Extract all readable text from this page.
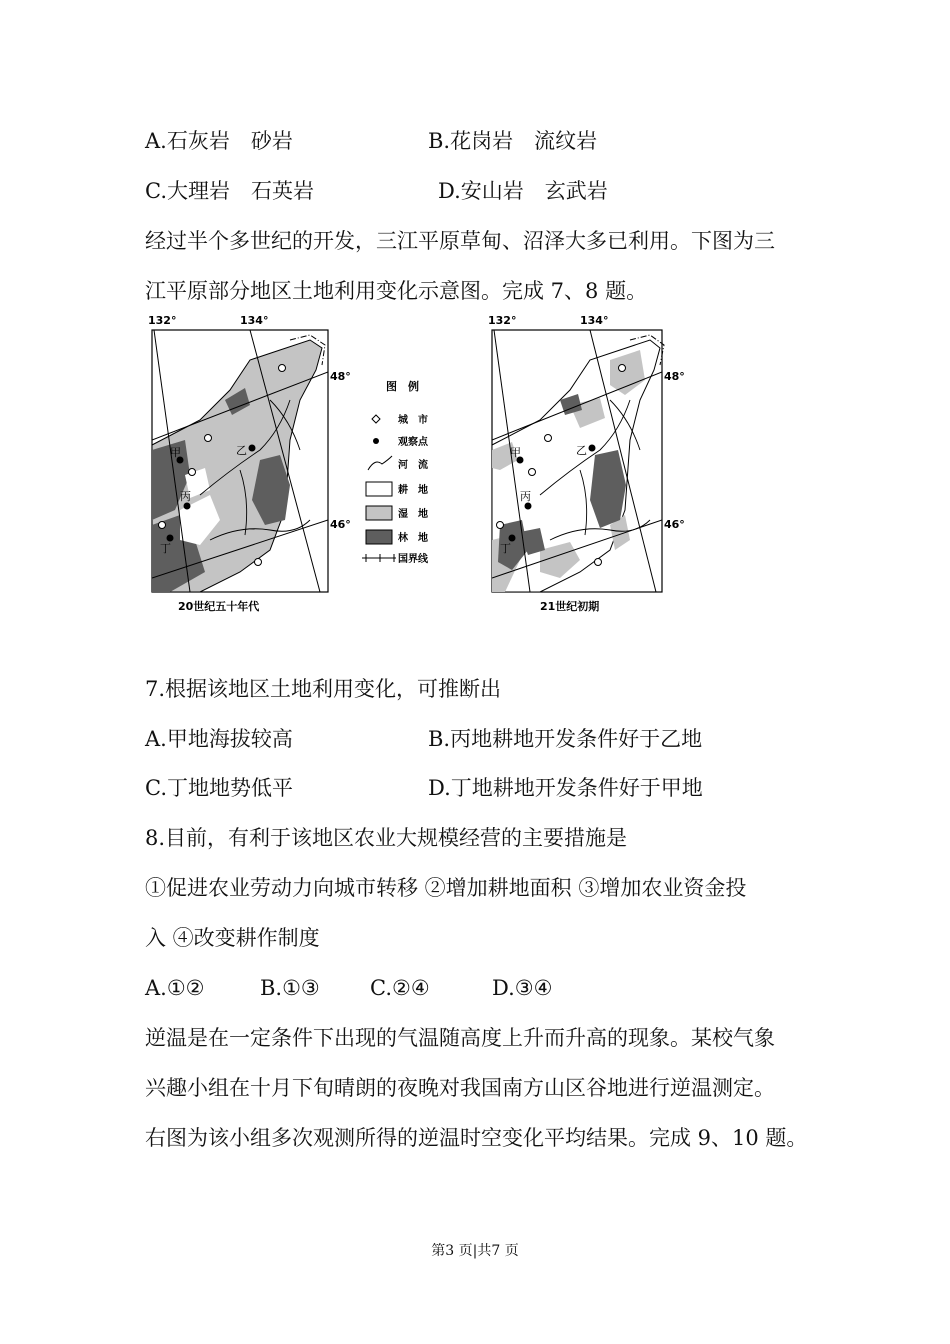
A.石灰岩　砂岩	B.花岗岩　流纹岩
C.大理岩　石英岩	D.安山岩　玄武岩
经过半个多世纪的开发，三江平原草甸、沼泽大多已利用。下图为三
江平原部分地区土地利用变化示意图。完成 7、8 题。
甲	乙
丙
丁
132°	134°
48°
46°
20世纪五十年代
图　例
城　市
观察点
河　流
耕　地
湿　地
林　地
国界线
甲	乙
丙
丁
132°	134°
48°
46°
21世纪初期
7.根据该地区土地利用变化，可推断出
A.甲地海拔较高	B.丙地耕地开发条件好于乙地
C.丁地地势低平	D.丁地耕地开发条件好于甲地
8.目前，有利于该地区农业大规模经营的主要措施是
①促进农业劳动力向城市转移 ②增加耕地面积 ③增加农业资金投
入 ④改变耕作制度
A.①②	B.①③ C.②④	D.③④
逆温是在一定条件下出现的气温随高度上升而升高的现象。某校气象
兴趣小组在十月下旬晴朗的夜晚对我国南方山区谷地进行逆温测定。
右图为该小组多次观测所得的逆温时空变化平均结果。完成 9、10 题。
第3 页|共7 页
